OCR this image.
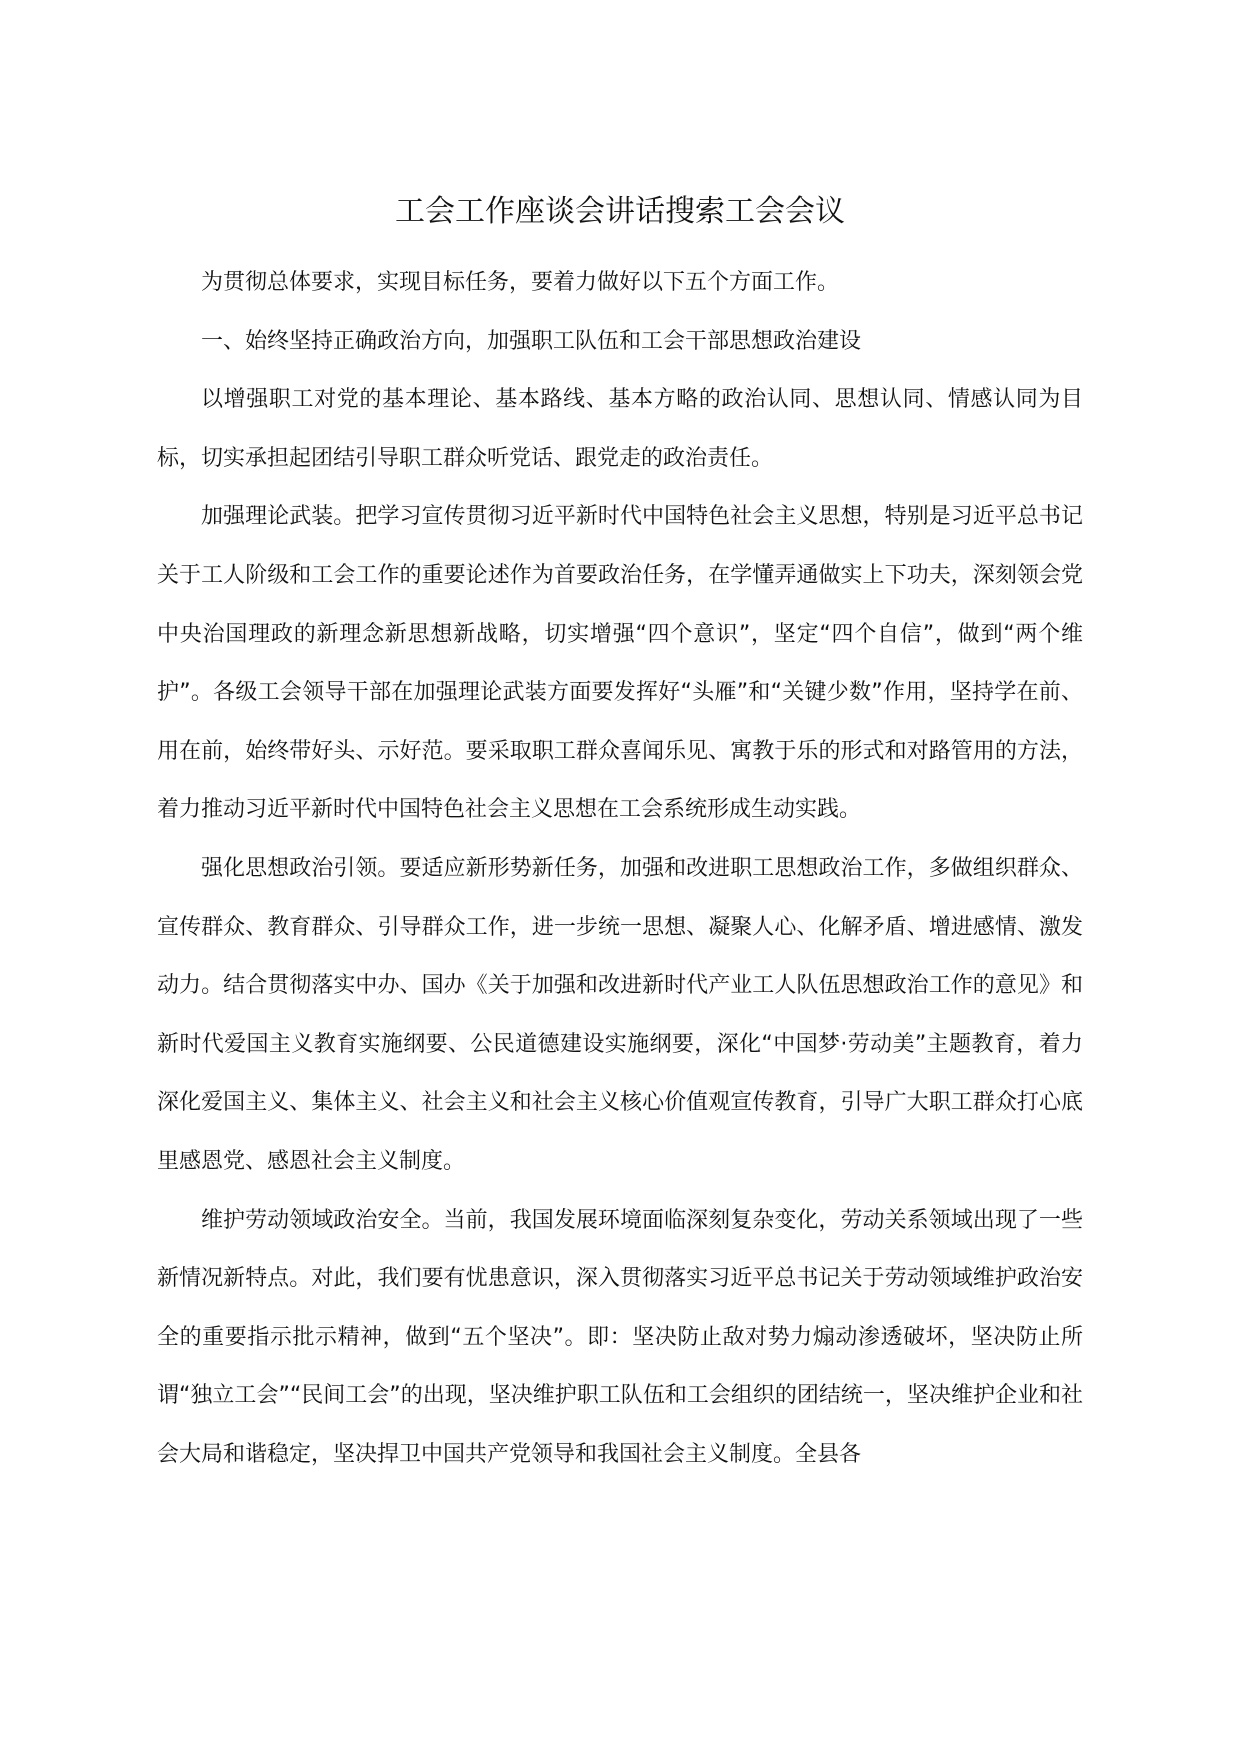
工会工作座谈会讲话搜索工会会议

为贯彻总体要求，实现目标任务，要着力做好以下五个方面工作。

一、始终坚持正确政治方向，加强职工队伍和工会干部思想政治建设

以增强职工对党的基本理论、基本路线、基本方略的政治认同、思想认同、情感认同为目标，切实承担起团结引导职工群众听党话、跟党走的政治责任。

加强理论武装。把学习宣传贯彻习近平新时代中国特色社会主义思想，特别是习近平总书记关于工人阶级和工会工作的重要论述作为首要政治任务，在学懂弄通做实上下功夫，深刻领会党中央治国理政的新理念新思想新战略，切实增强“四个意识”，坚定“四个自信”，做到“两个维护”。各级工会领导干部在加强理论武装方面要发挥好“头雁”和“关键少数”作用，坚持学在前、用在前，始终带好头、示好范。要采取职工群众喜闻乐见、寓教于乐的形式和对路管用的方法，着力推动习近平新时代中国特色社会主义思想在工会系统形成生动实践。

强化思想政治引领。要适应新形势新任务，加强和改进职工思想政治工作，多做组织群众、宣传群众、教育群众、引导群众工作，进一步统一思想、凝聚人心、化解矛盾、增进感情、激发动力。结合贯彻落实中办、国办《关于加强和改进新时代产业工人队伍思想政治工作的意见》和新时代爱国主义教育实施纲要、公民道德建设实施纲要，深化“中国梦·劳动美”主题教育，着力深化爱国主义、集体主义、社会主义和社会主义核心价值观宣传教育，引导广大职工群众打心底里感恩党、感恩社会主义制度。

维护劳动领域政治安全。当前，我国发展环境面临深刻复杂变化，劳动关系领域出现了一些新情况新特点。对此，我们要有忧患意识，深入贯彻落实习近平总书记关于劳动领域维护政治安全的重要指示批示精神，做到“五个坚决”。即：坚决防止敌对势力煽动渗透破坏，坚决防止所谓“独立工会”“民间工会”的出现，坚决维护职工队伍和工会组织的团结统一，坚决维护企业和社会大局和谐稳定，坚决捍卫中国共产党领导和我国社会主义制度。全县各
